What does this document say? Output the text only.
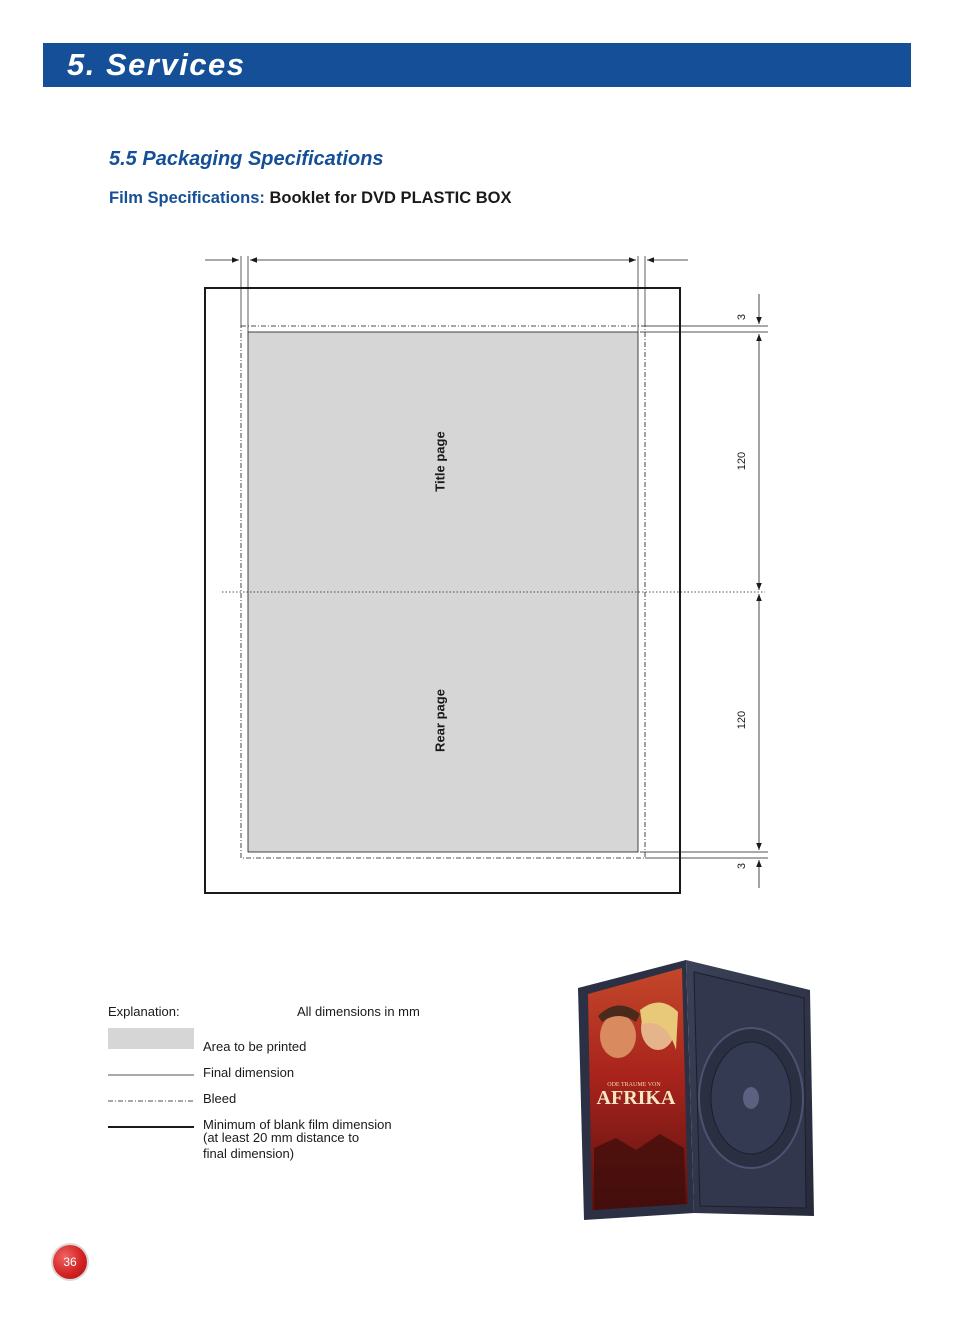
5. Services
5.5 Packaging Specifications
Film Specifications: Booklet for DVD PLASTIC BOX
Title page
Rear page
3
120
120
3
Explanation:	All dimensions in mm
Area to be printed
Final dimension
Bleed
Minimum of blank film dimension
(at least 20 mm distance to
final dimension)
ODE TRAUME VON
AFRIKA
36
